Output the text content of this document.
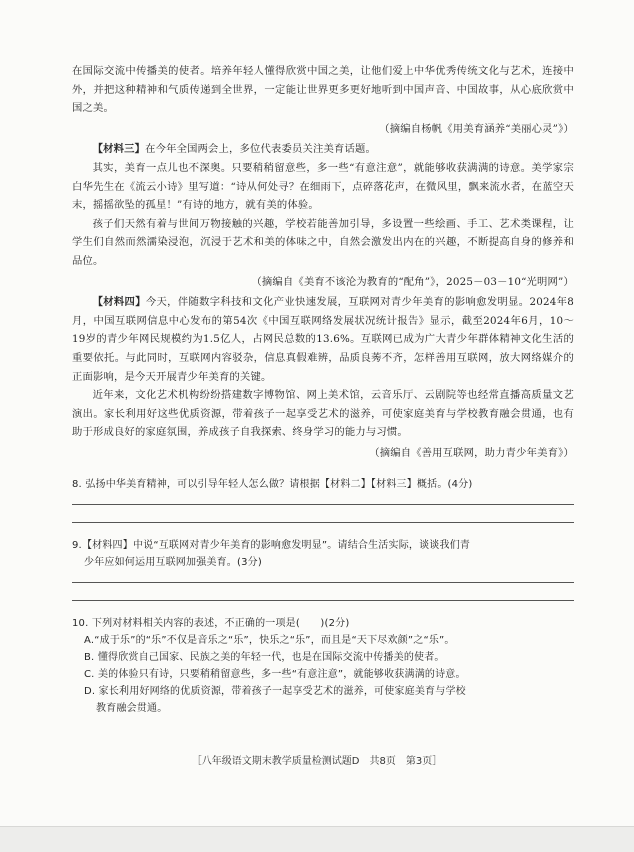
在国际交流中传播美的使者。培养年轻人懂得欣赏中国之美，让他们爱上中华优秀传统文化与艺术，连接中外，并把这种精神和气质传递到全世界，一定能让世界更多更好地听到中国声音、中国故事，从心底欣赏中国之美。

（摘编自杨帆《用美育涵养“美丽心灵”》）

【材料三】在今年全国两会上，多位代表委员关注美育话题。

其实，美育一点儿也不深奥。只要稍稍留意些，多一些“有意注意”，就能够收获满满的诗意。美学家宗白华先生在《流云小诗》里写道：“诗从何处寻？在细雨下，点碎落花声，在微风里，飘来流水者，在蓝空天末，摇摇欲坠的孤星！”有诗的地方，就有美的体验。

孩子们天然有着与世间万物接触的兴趣，学校若能善加引导，多设置一些绘画、手工、艺术类课程，让学生们自然而然濡染浸泡，沉浸于艺术和美的体味之中，自然会激发出内在的兴趣，不断提高自身的修养和品位。

（摘编自《美育不该沦为教育的“配角”》，2025－03－10“光明网”）

【材料四】今天，伴随数字科技和文化产业快速发展，互联网对青少年美育的影响愈发明显。2024年8月，中国互联网信息中心发布的第54次《中国互联网络发展状况统计报告》显示，截至2024年6月，10～19岁的青少年网民规模约为1.5亿人，占网民总数的13.6%。互联网已成为广大青少年群体精神文化生活的重要依托。与此同时，互联网内容驳杂，信息真假难辨，品质良莠不齐，怎样善用互联网，放大网络媒介的正面影响，是今天开展青少年美育的关键。

近年来，文化艺术机构纷纷搭建数字博物馆、网上美术馆，云音乐厅、云剧院等也经常直播高质量文艺演出。家长利用好这些优质资源，带着孩子一起享受艺术的滋养，可使家庭美育与学校教育融会贯通，也有助于形成良好的家庭氛围，养成孩子自我探索、终身学习的能力与习惯。

（摘编自《善用互联网，助力青少年美育》）

8. 弘扬中华美育精神，可以引导年轻人怎么做？请根据【材料二】【材料三】概括。(4分)

9.【材料四】中说“互联网对青少年美育的影响愈发明显”。请结合生活实际，谈谈我们青

少年应如何运用互联网加强美育。(3分)

10. 下列对材料相关内容的表述，不正确的一项是(　　)(2分)

A.“成于乐”的“乐”不仅是音乐之“乐”，快乐之“乐”，而且是“天下尽欢颜”之“乐”。

B. 懂得欣赏自己国家、民族之美的年轻一代，也是在国际交流中传播美的使者。

C. 美的体验只有诗，只要稍稍留意些，多一些“有意注意”，就能够收获满满的诗意。

D. 家长利用好网络的优质资源，带着孩子一起享受艺术的滋养，可使家庭美育与学校

教育融会贯通。

［八年级语文期末教学质量检测试题D　共8页　第3页］
